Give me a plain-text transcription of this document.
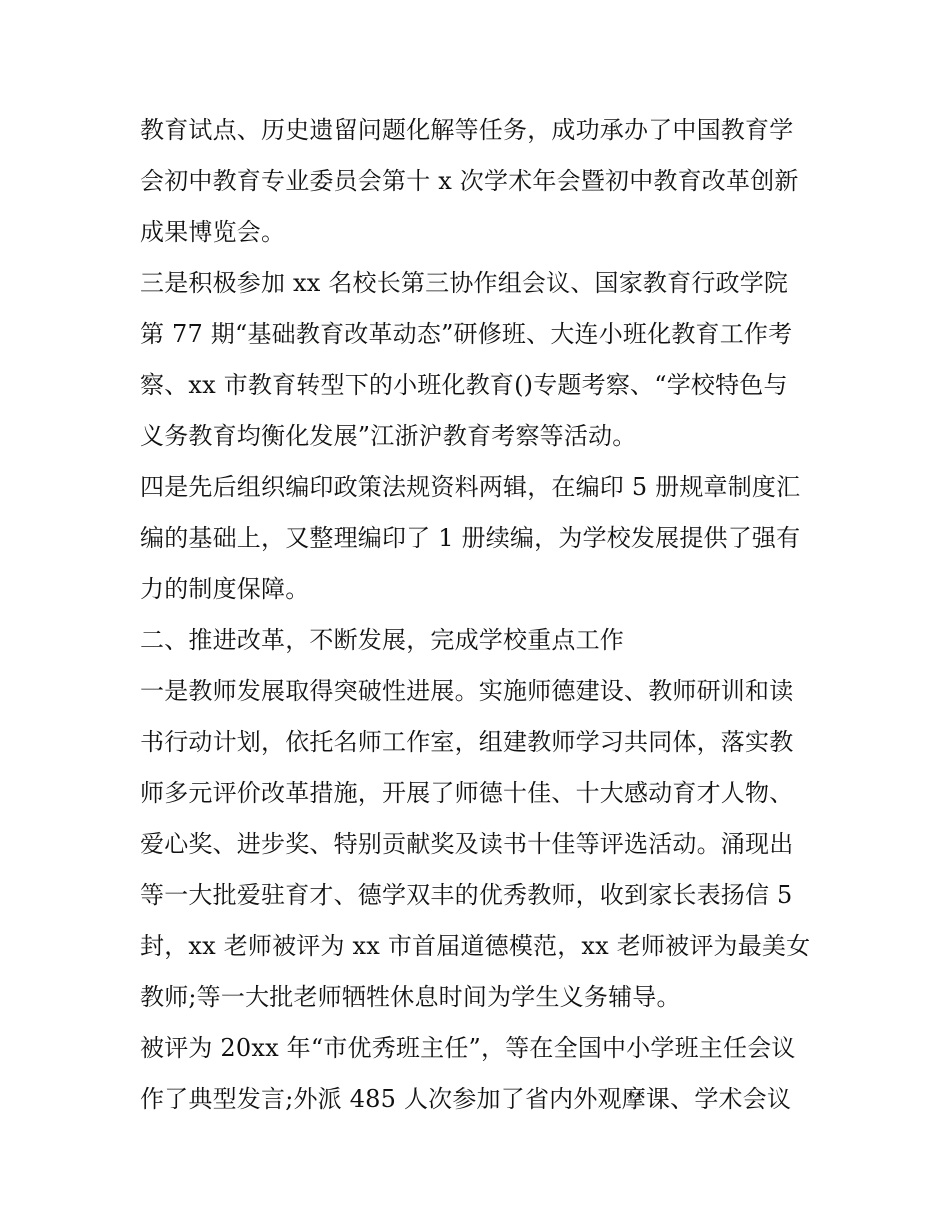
教育试点、历史遗留问题化解等任务，成功承办了中国教育学
会初中教育专业委员会第十 x 次学术年会暨初中教育改革创新
成果博览会。
三是积极参加 xx 名校长第三协作组会议、国家教育行政学院
第 77 期“基础教育改革动态”研修班、大连小班化教育工作考
察、xx 市教育转型下的小班化教育()专题考察、“学校特色与
义务教育均衡化发展”江浙沪教育考察等活动。
四是先后组织编印政策法规资料两辑，在编印 5 册规章制度汇
编的基础上，又整理编印了 1 册续编，为学校发展提供了强有
力的制度保障。
二、推进改革，不断发展，完成学校重点工作
一是教师发展取得突破性进展。实施师德建设、教师研训和读
书行动计划，依托名师工作室，组建教师学习共同体，落实教
师多元评价改革措施，开展了师德十佳、十大感动育才人物、
爱心奖、进步奖、特别贡献奖及读书十佳等评选活动。涌现出
等一大批爱驻育才、德学双丰的优秀教师，收到家长表扬信 5
封，xx 老师被评为 xx 市首届道德模范，xx 老师被评为最美女
教师;等一大批老师牺牲休息时间为学生义务辅导。
被评为 20xx 年“市优秀班主任”，等在全国中小学班主任会议
作了典型发言;外派 485 人次参加了省内外观摩课、学术会议
